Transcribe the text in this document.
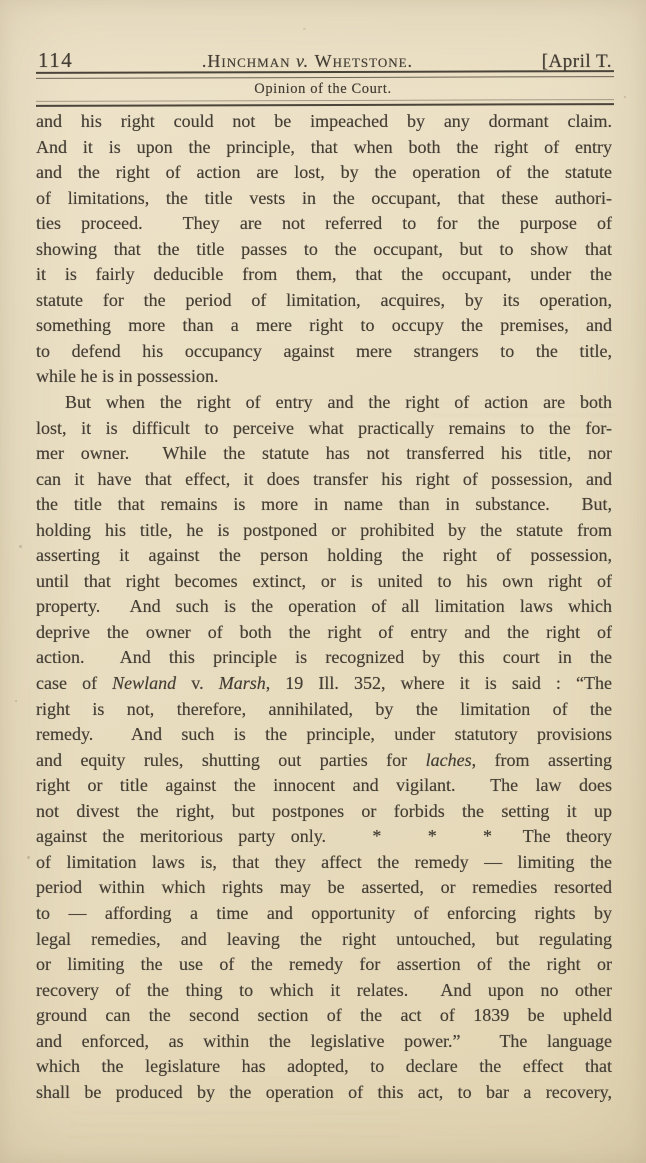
114	.Hinchman v. Whetstone.	[April T.
Opinion of the Court.
and his right could not be impeached by any dormant claim.
And it is upon the principle, that when both the right of entry
and the right of action are lost, by the operation of the statute
of limitations, the title vests in the occupant, that these authori-
ties proceed.  They are not referred to for the purpose of
showing that the title passes to the occupant, but to show that
it is fairly deducible from them, that the occupant, under the
statute for the period of limitation, acquires, by its operation,
something more than a mere right to occupy the premises, and
to defend his occupancy against mere strangers to the title,
while he is in possession.
But when the right of entry and the right of action are both
lost, it is difficult to perceive what practically remains to the for-
mer owner.  While the statute has not transferred his title, nor
can it have that effect, it does transfer his right of possession, and
the title that remains is more in name than in substance.  But,
holding his title, he is postponed or prohibited by the statute from
asserting it against the person holding the right of possession,
until that right becomes extinct, or is united to his own right of
property.  And such is the operation of all limitation laws which
deprive the owner of both the right of entry and the right of
action.  And this principle is recognized by this court in the
case of Newland v. Marsh, 19 Ill. 352, where it is said : “The
right is not, therefore, annihilated, by the limitation of the
remedy.  And such is the principle, under statutory provisions
and equity rules, shutting out parties for laches, from asserting
right or title against the innocent and vigilant.  The law does
not divest the right, but postpones or forbids the setting it up
against the meritorious party only.   *   *   *  The theory
of limitation laws is, that they affect the remedy — limiting the
period within which rights may be asserted, or remedies resorted
to — affording a time and opportunity of enforcing rights by
legal remedies, and leaving the right untouched, but regulating
or limiting the use of the remedy for assertion of the right or
recovery of the thing to which it relates.  And upon no other
ground can the second section of the act of 1839 be upheld
and enforced, as within the legislative power.”  The language
which the legislature has adopted, to declare the effect that
shall be produced by the operation of this act, to bar a recovery,
